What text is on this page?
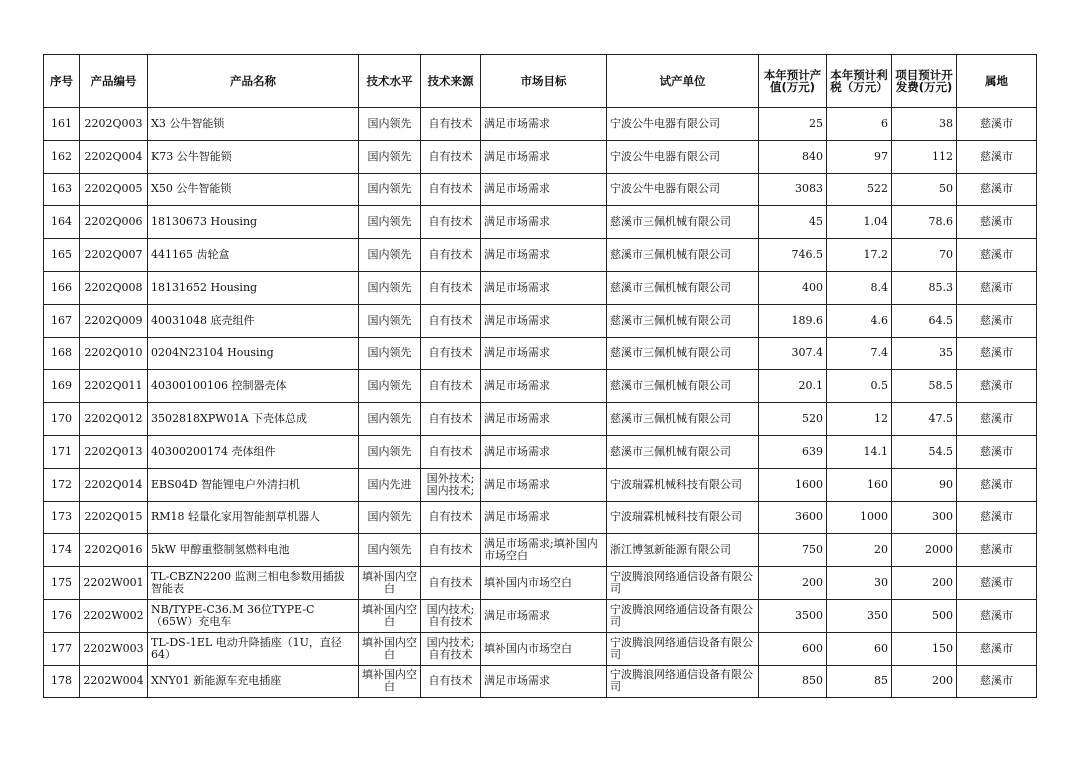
序号	产品编号	产品名称	技术水平	技术来源	市场目标	试产单位	本年预计产值(万元)	本年预计利税（万元）	项目预计开发费(万元)	属地
161	2202Q003	X3 公牛智能锁	国内领先	自有技术	满足市场需求	宁波公牛电器有限公司	25	6	38	慈溪市
162	2202Q004	K73 公牛智能锁	国内领先	自有技术	满足市场需求	宁波公牛电器有限公司	840	97	112	慈溪市
163	2202Q005	X50 公牛智能锁	国内领先	自有技术	满足市场需求	宁波公牛电器有限公司	3083	522	50	慈溪市
164	2202Q006	18130673 Housing	国内领先	自有技术	满足市场需求	慈溪市三佩机械有限公司	45	1.04	78.6	慈溪市
165	2202Q007	441165 齿轮盒	国内领先	自有技术	满足市场需求	慈溪市三佩机械有限公司	746.5	17.2	70	慈溪市
166	2202Q008	18131652 Housing	国内领先	自有技术	满足市场需求	慈溪市三佩机械有限公司	400	8.4	85.3	慈溪市
167	2202Q009	40031048 底壳组件	国内领先	自有技术	满足市场需求	慈溪市三佩机械有限公司	189.6	4.6	64.5	慈溪市
168	2202Q010	0204N23104 Housing	国内领先	自有技术	满足市场需求	慈溪市三佩机械有限公司	307.4	7.4	35	慈溪市
169	2202Q011	40300100106 控制器壳体	国内领先	自有技术	满足市场需求	慈溪市三佩机械有限公司	20.1	0.5	58.5	慈溪市
170	2202Q012	3502818XPW01A 下壳体总成	国内领先	自有技术	满足市场需求	慈溪市三佩机械有限公司	520	12	47.5	慈溪市
171	2202Q013	40300200174 壳体组件	国内领先	自有技术	满足市场需求	慈溪市三佩机械有限公司	639	14.1	54.5	慈溪市
172	2202Q014	EBS04D 智能锂电户外清扫机	国内先进	国外技术;国内技术;	满足市场需求	宁波瑞霖机械科技有限公司	1600	160	90	慈溪市
173	2202Q015	RM18 轻量化家用智能割草机器人	国内领先	自有技术	满足市场需求	宁波瑞霖机械科技有限公司	3600	1000	300	慈溪市
174	2202Q016	5kW 甲醇重整制氢燃料电池	国内领先	自有技术	满足市场需求;填补国内市场空白	浙江博氢新能源有限公司	750	20	2000	慈溪市
175	2202W001	TL-CBZN2200 监测三相电参数用插拔智能表	填补国内空白	自有技术	填补国内市场空白	宁波腾浪网络通信设备有限公司	200	30	200	慈溪市
176	2202W002	NB/TYPE-C36.M 36位TYPE-C（65W）充电车	填补国内空白	国内技术;自有技术	满足市场需求	宁波腾浪网络通信设备有限公司	3500	350	500	慈溪市
177	2202W003	TL-DS-1EL 电动升降插座（1U，直径64）	填补国内空白	国内技术;自有技术	填补国内市场空白	宁波腾浪网络通信设备有限公司	600	60	150	慈溪市
178	2202W004	XNY01 新能源车充电插座	填补国内空白	自有技术	满足市场需求	宁波腾浪网络通信设备有限公司	850	85	200	慈溪市
